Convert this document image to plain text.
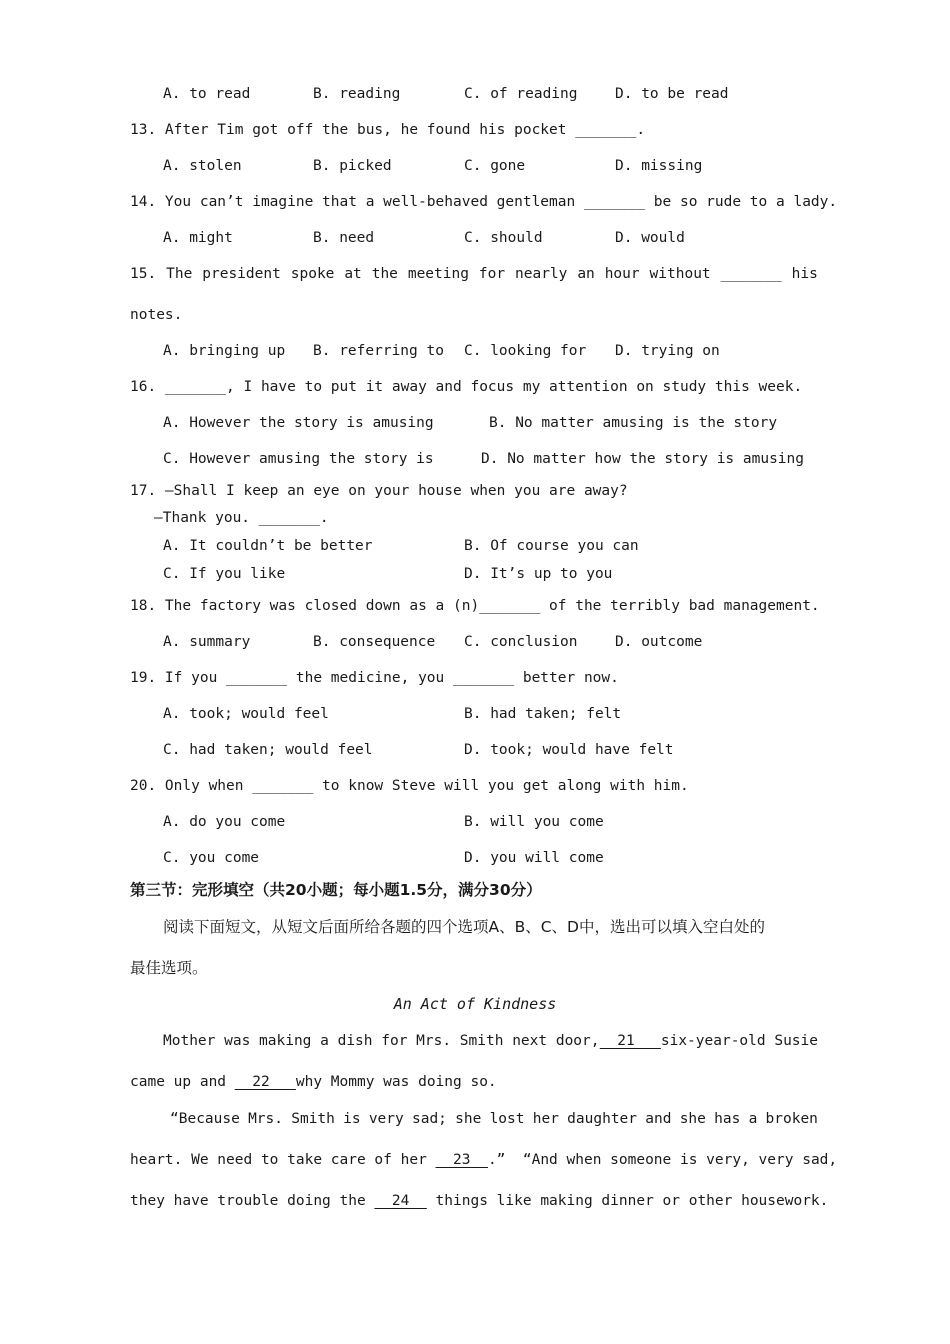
A. to read	B. reading	C. of reading	D. to be read
13. After Tim got off the bus, he found his pocket _______.
A. stolen	B. picked	C. gone	D. missing
14. You can’t imagine that a well-behaved gentleman _______ be so rude to a lady.
A. might	B. need	C. should	D. would
15. The president spoke at the meeting for nearly an hour without _______ his
notes.
A. bringing up B. referring to C. looking for D. trying on
16. _______, I have to put it away and focus my attention on study this week.
A. However the story is amusing	B. No matter amusing is the story
C. However amusing the story is	D. No matter how the story is amusing
17. —Shall I keep an eye on your house when you are away?
—Thank you. _______.
A. It couldn’t be better	B. Of course you can
C. If you like	D. It’s up to you
18. The factory was closed down as a (n)_______ of the terribly bad management.
A. summary	B. consequence C. conclusion	D. outcome
19. If you _______ the medicine, you _______ better now.
A. took; would feel	B. had taken; felt
C. had taken; would feel	D. took; would have felt
20. Only when _______ to know Steve will you get along with him.
A. do you come	B. will you come
C. you come	D. you will come
第三节：完形填空（共20小题；每小题1.5分，满分30分）
阅读下面短文，从短文后面所给各题的四个选项A、B、C、D中，选出可以填入空白处的
最佳选项。
An Act of Kindness
Mother was making a dish for Mrs. Smith next door, 21   six-year-old Susie
came up and   22   why Mommy was doing so.
“Because Mrs. Smith is very sad; she lost her daughter and she has a broken
heart. We need to take care of her   23  .”  “And when someone is very, very sad,
they have trouble doing the   24   things like making dinner or other housework.
